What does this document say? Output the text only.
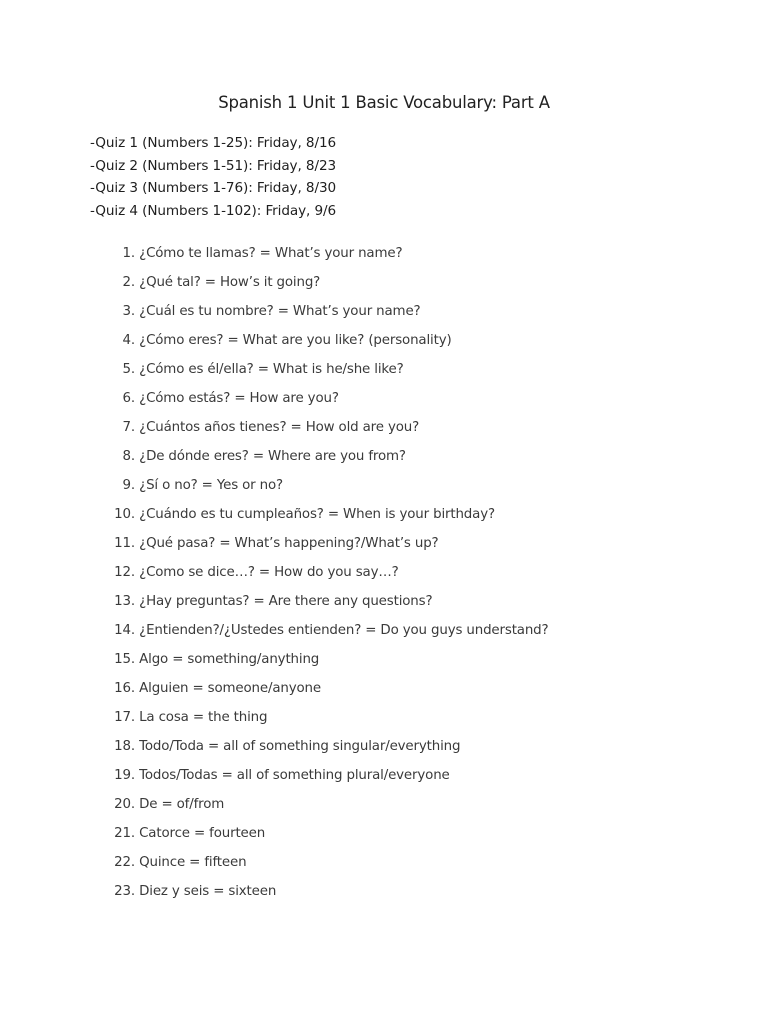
Spanish 1 Unit 1 Basic Vocabulary: Part A
-Quiz 1 (Numbers 1-25): Friday, 8/16
-Quiz 2 (Numbers 1-51): Friday, 8/23
-Quiz 3 (Numbers 1-76): Friday, 8/30
-Quiz 4 (Numbers 1-102): Friday, 9/6
1. ¿Cómo te llamas? = What’s your name?
2. ¿Qué tal? = How’s it going?
3. ¿Cuál es tu nombre? = What’s your name?
4. ¿Cómo eres? = What are you like? (personality)
5. ¿Cómo es él/ella? = What is he/she like?
6. ¿Cómo estás? = How are you?
7. ¿Cuántos años tienes? = How old are you?
8. ¿De dónde eres? = Where are you from?
9. ¿Sí o no? = Yes or no?
10. ¿Cuándo es tu cumpleaños? = When is your birthday?
11. ¿Qué pasa? = What’s happening?/What’s up?
12. ¿Como se dice…? = How do you say…?
13. ¿Hay preguntas? = Are there any questions?
14. ¿Entienden?/¿Ustedes entienden? = Do you guys understand?
15. Algo = something/anything
16. Alguien = someone/anyone
17. La cosa = the thing
18. Todo/Toda = all of something singular/everything
19. Todos/Todas = all of something plural/everyone
20. De = of/from
21. Catorce = fourteen
22. Quince = fifteen
23. Diez y seis = sixteen
